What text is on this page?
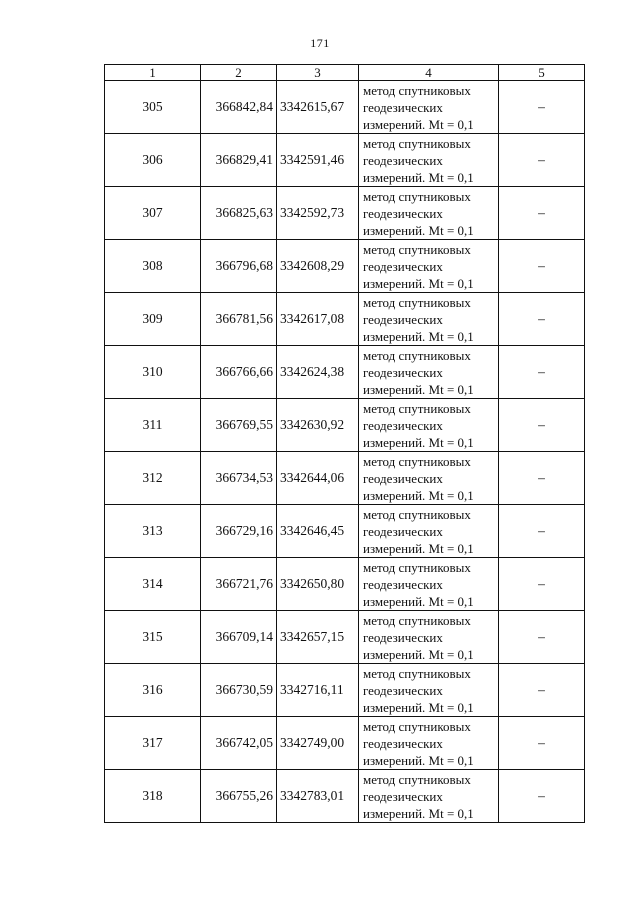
171
1	2	3	4	5
305	366842,84	3342615,67	метод спутниковых геодезических измерений. Mt = 0,1	–
306	366829,41	3342591,46	метод спутниковых геодезических измерений. Mt = 0,1	–
307	366825,63	3342592,73	метод спутниковых геодезических измерений. Mt = 0,1	–
308	366796,68	3342608,29	метод спутниковых геодезических измерений. Mt = 0,1	–
309	366781,56	3342617,08	метод спутниковых геодезических измерений. Mt = 0,1	–
310	366766,66	3342624,38	метод спутниковых геодезических измерений. Mt = 0,1	–
311	366769,55	3342630,92	метод спутниковых геодезических измерений. Mt = 0,1	–
312	366734,53	3342644,06	метод спутниковых геодезических измерений. Mt = 0,1	–
313	366729,16	3342646,45	метод спутниковых геодезических измерений. Mt = 0,1	–
314	366721,76	3342650,80	метод спутниковых геодезических измерений. Mt = 0,1	–
315	366709,14	3342657,15	метод спутниковых геодезических измерений. Mt = 0,1	–
316	366730,59	3342716,11	метод спутниковых геодезических измерений. Mt = 0,1	–
317	366742,05	3342749,00	метод спутниковых геодезических измерений. Mt = 0,1	–
318	366755,26	3342783,01	метод спутниковых геодезических измерений. Mt = 0,1	–
